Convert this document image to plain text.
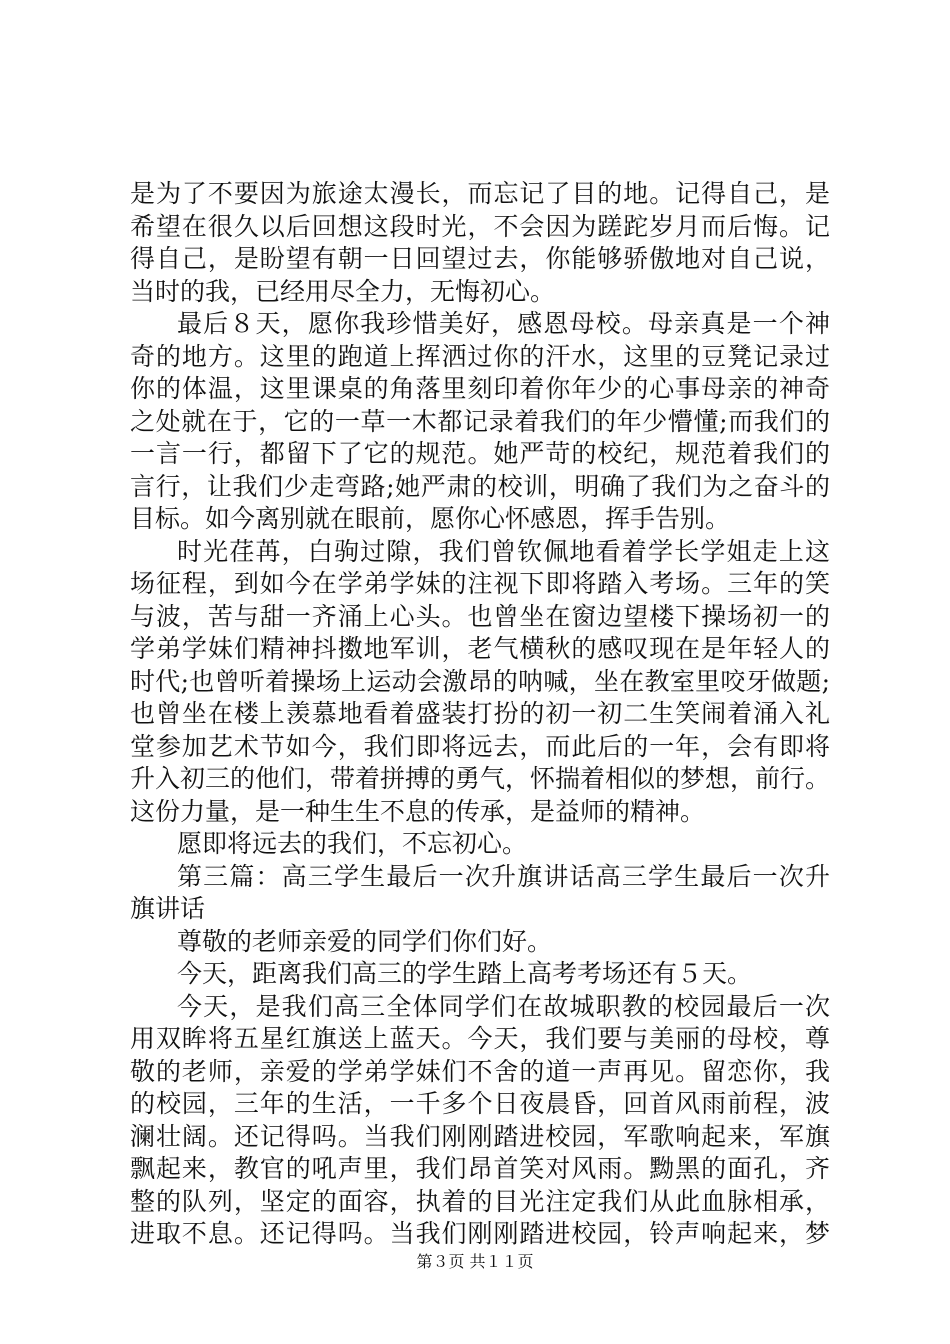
是为了不要因为旅途太漫长，而忘记了目的地。记得自己，是
希望在很久以后回想这段时光，不会因为蹉跎岁月而后悔。记
得自己，是盼望有朝一日回望过去，你能够骄傲地对自己说，
当时的我，已经用尽全力，无悔初心。
最后８天，愿你我珍惜美好，感恩母校。母亲真是一个神
奇的地方。这里的跑道上挥洒过你的汗水，这里的豆凳记录过
你的体温，这里课桌的角落里刻印着你年少的心事母亲的神奇
之处就在于，它的一草一木都记录着我们的年少懵懂;而我们的
一言一行，都留下了它的规范。她严苛的校纪，规范着我们的
言行，让我们少走弯路;她严肃的校训，明确了我们为之奋斗的
目标。如今离别就在眼前，愿你心怀感恩，挥手告别。
时光荏苒，白驹过隙，我们曾钦佩地看着学长学姐走上这
场征程，到如今在学弟学妹的注视下即将踏入考场。三年的笑
与波，苦与甜一齐涌上心头。也曾坐在窗边望楼下操场初一的
学弟学妹们精神抖擞地军训，老气横秋的感叹现在是年轻人的
时代;也曾听着操场上运动会激昂的呐喊，坐在教室里咬牙做题;
也曾坐在楼上羡慕地看着盛装打扮的初一初二生笑闹着涌入礼
堂参加艺术节如今，我们即将远去，而此后的一年，会有即将
升入初三的他们，带着拼搏的勇气，怀揣着相似的梦想，前行。
这份力量，是一种生生不息的传承，是益师的精神。
愿即将远去的我们，不忘初心。
第三篇：高三学生最后一次升旗讲话高三学生最后一次升
旗讲话
尊敬的老师亲爱的同学们你们好。
今天，距离我们高三的学生踏上高考考场还有５天。
今天，是我们高三全体同学们在故城职教的校园最后一次
用双眸将五星红旗送上蓝天。今天，我们要与美丽的母校，尊
敬的老师，亲爱的学弟学妹们不舍的道一声再见。留恋你，我
的校园，三年的生活，一千多个日夜晨昏，回首风雨前程，波
澜壮阔。还记得吗。当我们刚刚踏进校园，军歌响起来，军旗
飘起来，教官的吼声里，我们昂首笑对风雨。黝黑的面孔，齐
整的队列，坚定的面容，执着的目光注定我们从此血脉相承，
进取不息。还记得吗。当我们刚刚踏进校园，铃声响起来，梦
第３页 共１１页
